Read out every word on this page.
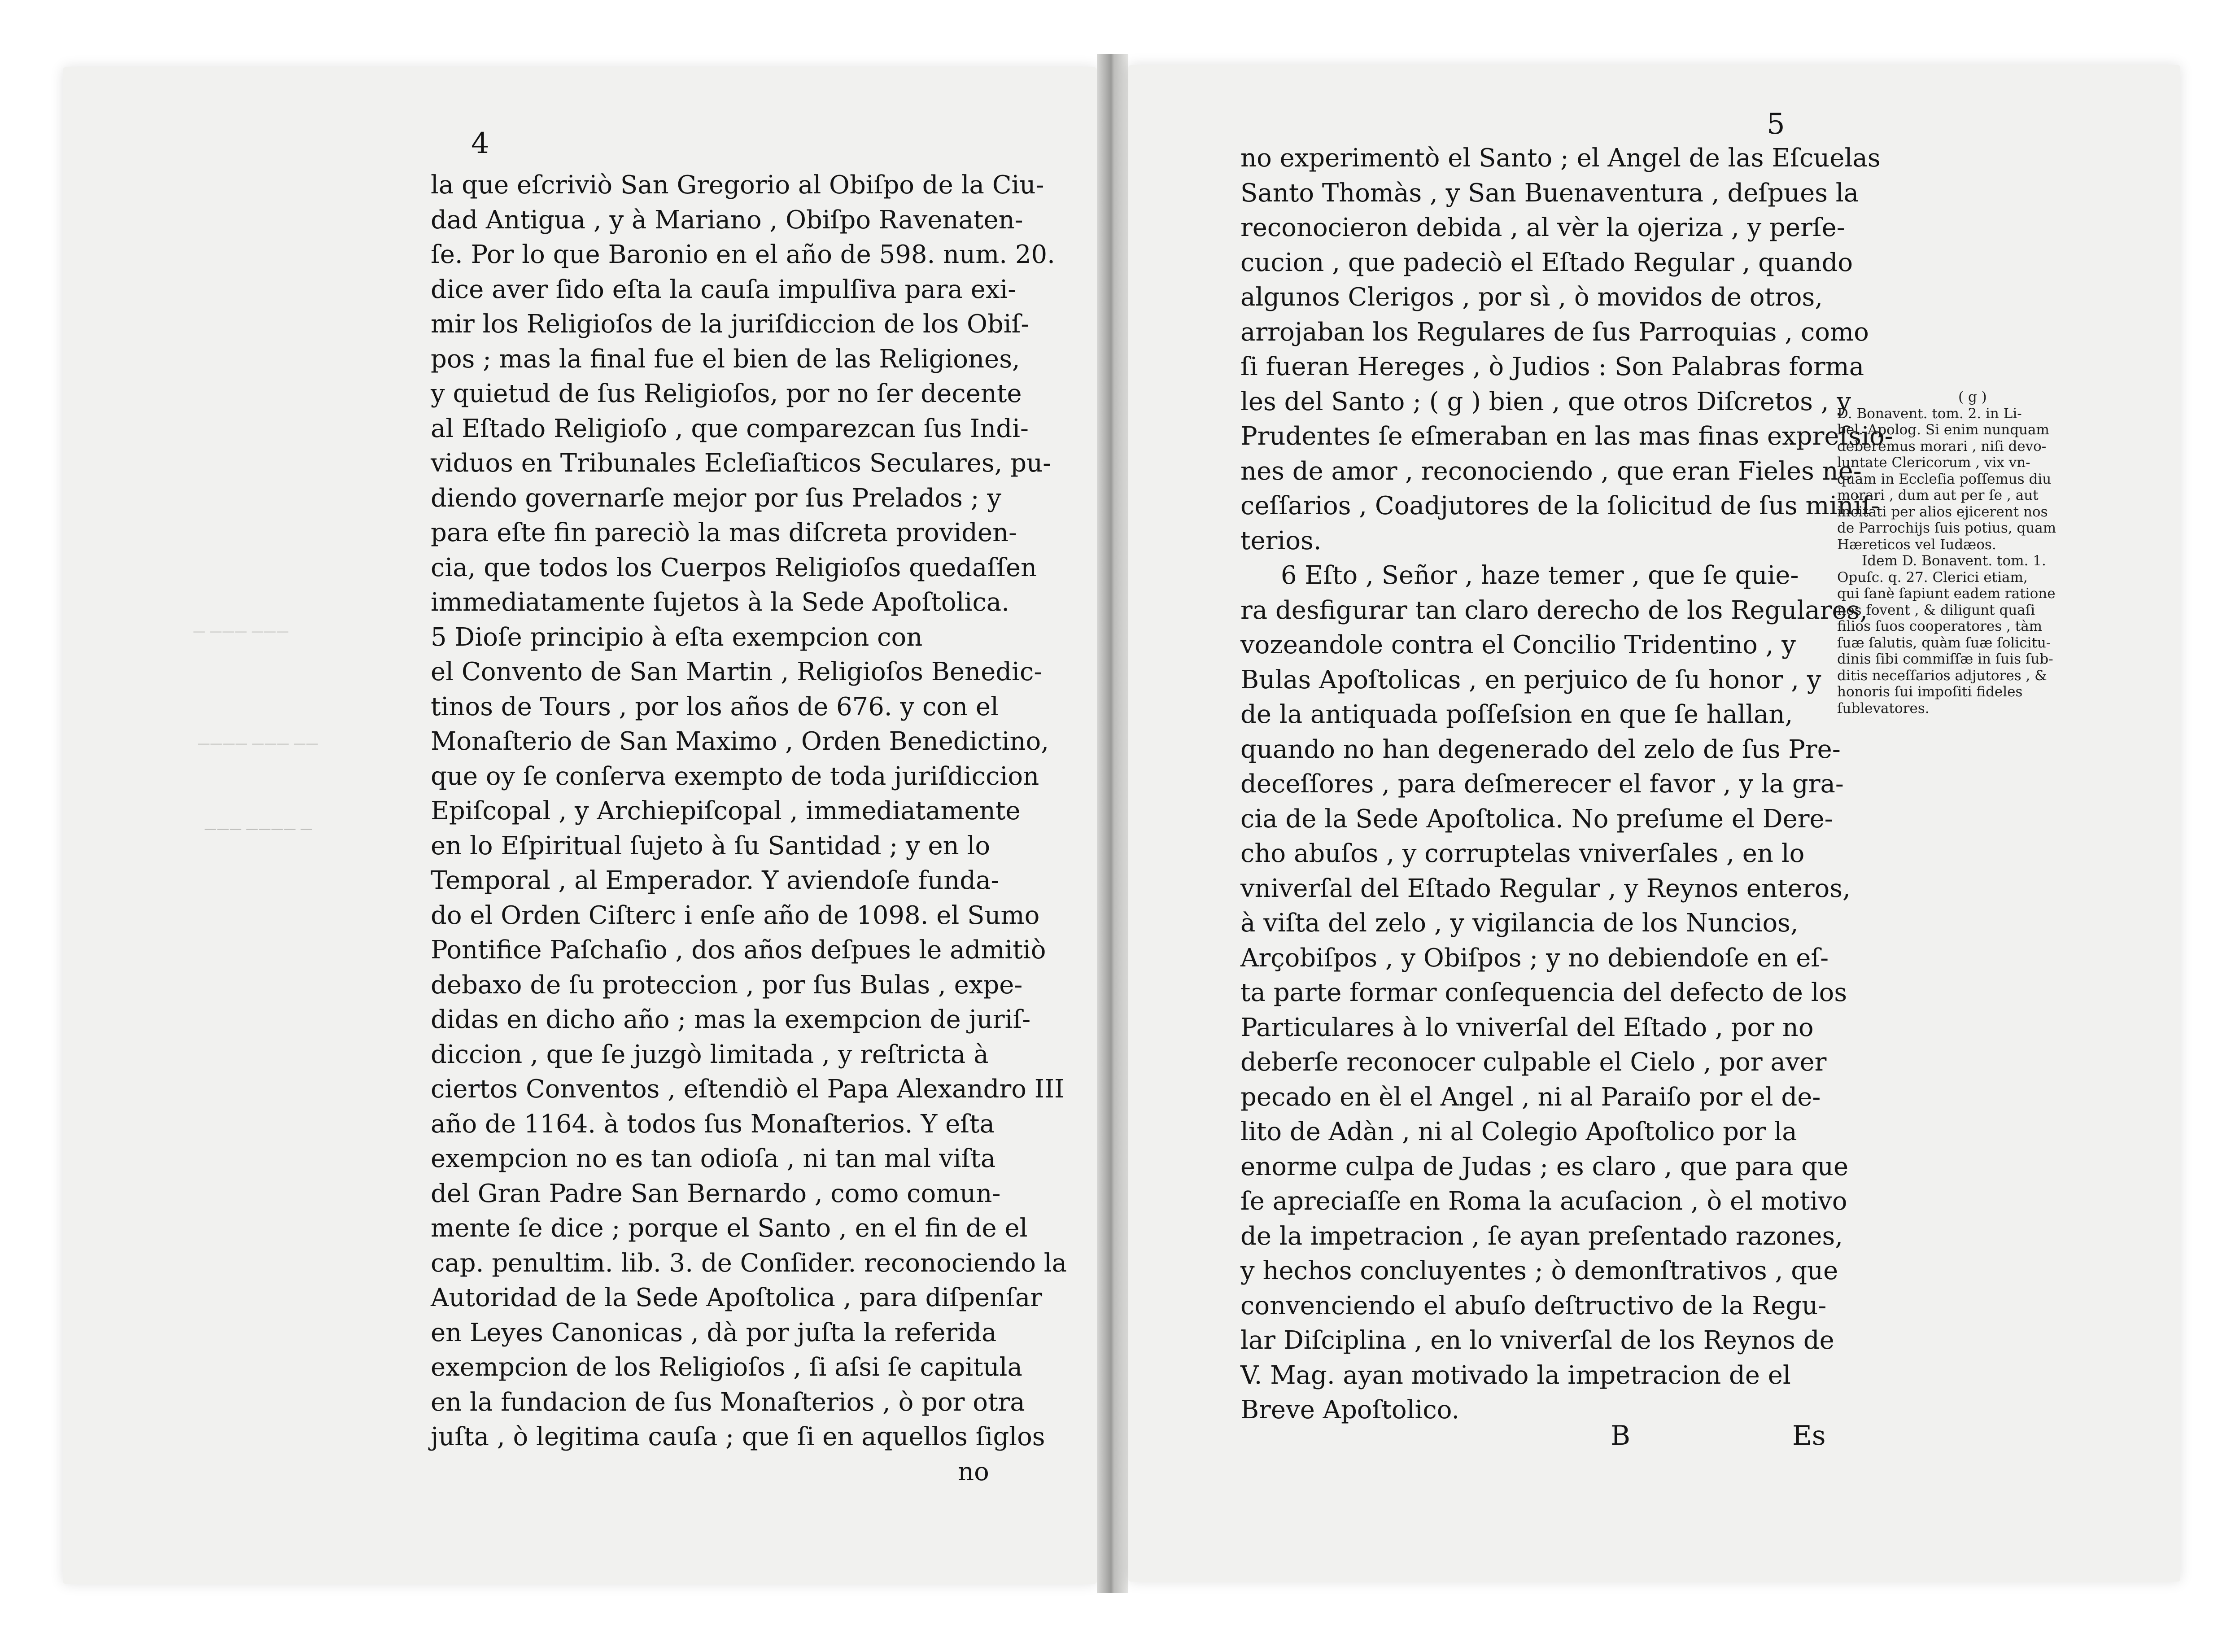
— ——— ———
———— ——— ——
——— ———— —
4
5
la que eſcriviò San Gregorio al Obiſpo de la Ciu-
dad Antigua , y à Mariano , Obiſpo Ravenaten-
ſe. Por lo que Baronio en el año de 598. num. 20.
dice aver ſido eſta la cauſa impulſiva para exi-
mir los Religioſos de la juriſdiccion de los Obiſ-
pos ; mas la final fue el bien de las Religiones,
y quietud de ſus Religioſos, por no ſer decente
al Eſtado Religioſo , que comparezcan ſus Indi-
viduos en Tribunales Ecleſiaſticos Seculares, pu-
diendo governarſe mejor por ſus Prelados ; y
para eſte fin pareciò la mas diſcreta providen-
cia, que todos los Cuerpos Religioſos quedaſſen
immediatamente ſujetos à la Sede Apoſtolica.
5 Dioſe principio à eſta exempcion con
el Convento de San Martin , Religioſos Benedic-
tinos de Tours , por los años de 676. y con el
Monaſterio de San Maximo , Orden Benedictino,
que oy ſe conſerva exempto de toda juriſdiccion
Epiſcopal , y Archiepiſcopal , immediatamente
en lo Eſpiritual ſujeto à ſu Santidad ; y en lo
Temporal , al Emperador. Y aviendoſe funda-
do el Orden Ciſterc i enſe año de 1098. el Sumo
Pontifice Paſchaſio , dos años deſpues le admitiò
debaxo de ſu proteccion , por ſus Bulas , expe-
didas en dicho año ; mas la exempcion de juriſ-
diccion , que ſe juzgò limitada , y reſtricta à
ciertos Conventos , eſtendiò el Papa Alexandro III
año de 1164. à todos ſus Monaſterios. Y eſta
exempcion no es tan odioſa , ni tan mal viſta
del Gran Padre San Bernardo , como comun-
mente ſe dice ; porque el Santo , en el fin de el
cap. penultim. lib. 3. de Conſider. reconociendo la
Autoridad de la Sede Apoſtolica , para diſpenſar
en Leyes Canonicas , dà por juſta la referida
exempcion de los Religioſos , ſi aſsi ſe capitula
en la fundacion de ſus Monaſterios , ò por otra
juſta , ò legitima cauſa ; que ſi en aquellos ſiglos
no
no experimentò el Santo ; el Angel de las Eſcuelas
Santo Thomàs , y San Buenaventura , deſpues la
reconocieron debida , al vèr la ojeriza , y perſe-
cucion , que padeciò el Eſtado Regular , quando
algunos Clerigos , por sì , ò movidos de otros,
arrojaban los Regulares de ſus Parroquias , como
ſi fueran Hereges , ò Judios : Son Palabras forma
les del Santo ; ( g ) bien , que otros Diſcretos , y
Prudentes ſe eſmeraban en las mas finas expreſsio-
nes de amor , reconociendo , que eran Fieles ne-
ceſſarios , Coadjutores de la ſolicitud de ſus miniſ-
terios.
6 Eſto , Señor , haze temer , que ſe quie-
ra desfigurar tan claro derecho de los Regulares,
vozeandole contra el Concilio Tridentino , y
Bulas Apoſtolicas , en perjuico de ſu honor , y
de la antiquada poſſeſsion en que ſe hallan,
quando no han degenerado del zelo de ſus Pre-
deceſſores , para deſmerecer el favor , y la gra-
cia de la Sede Apoſtolica. No preſume el Dere-
cho abuſos , y corruptelas vniverſales , en lo
vniverſal del Eſtado Regular , y Reynos enteros,
à viſta del zelo , y vigilancia de los Nuncios,
Arçobiſpos , y Obiſpos ; y no debiendoſe en eſ-
ta parte formar conſequencia del defecto de los
Particulares à lo vniverſal del Eſtado , por no
deberſe reconocer culpable el Cielo , por aver
pecado en èl el Angel , ni al Paraiſo por el de-
lito de Adàn , ni al Colegio Apoſtolico por la
enorme culpa de Judas ; es claro , que para que
ſe apreciaſſe en Roma la acuſacion , ò el motivo
de la impetracion , ſe ayan preſentado razones,
y hechos concluyentes ; ò demonſtrativos , que
convenciendo el abuſo deſtructivo de la Regu-
lar Diſciplina , en lo vniverſal de los Reynos de
V. Mag. ayan motivado la impetracion de el
Breve Apoſtolico.
( g )
D. Bonavent. tom. 2. in Li-
bel. Apolog. Si enim nunquam
deberemus morari , niſi devo-
luntate Clericorum , vix vn-
quam in Eccleſia poſſemus diu
morari , dum aut per ſe , aut
incitati per alios ejicerent nos
de Parrochijs ſuis potius, quam
Hæreticos vel Iudæos.
Idem D. Bonavent. tom. 1.
Opuſc. q. 27. Clerici etiam,
qui ſanè ſapiunt eadem ratione
nos fovent , & diligunt quaſi
filios ſuos cooperatores , tàm
ſuæ ſalutis, quàm ſuæ ſolicitu-
dinis ſibi commiſſæ in ſuis ſub-
ditis neceſſarios adjutores , &
honoris ſui impoſiti fideles
ſublevatores.
B	Es
